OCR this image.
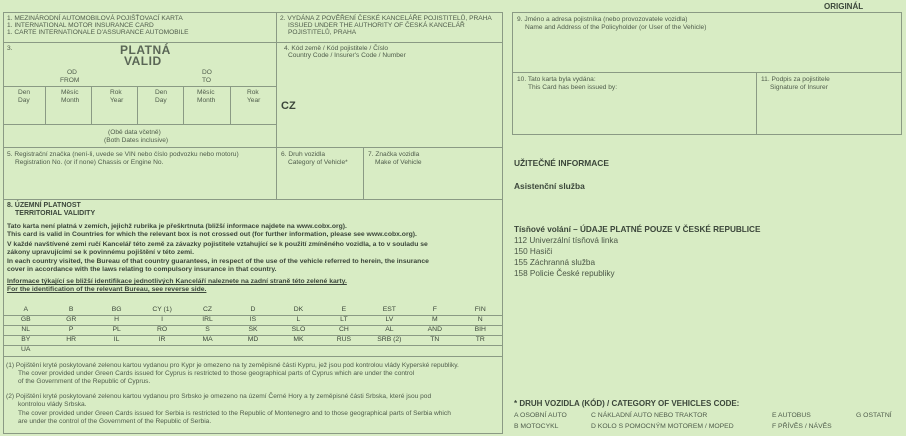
ORIGINÁL
1. MEZINÁRODNÍ AUTOMOBILOVÁ POJIŠŤOVACÍ KARTA
1. INTERNATIONAL MOTOR INSURANCE CARD
1. CARTE INTERNATIONALE D'ASSURANCE AUTOMOBILE
2. VYDÁNA Z POVĚŘENÍ ČESKÉ KANCELÁŘE POJISTITELŮ, PRAHA
ISSUED UNDER THE AUTHORITY OF ČESKÁ KANCELÁŘ
POJISTITELŮ, PRAHA
3.	PLATNÁ
VALID
OD
FROM
DO
TO
Den
Day
Měsíc
Month
Rok
Year
Den
Day
Měsíc
Month
Rok
Year
(Obě data včetně)
(Both Dates inclusive)
4. Kód země / Kód pojistitele / Číslo
Country Code / Insurer's Code / Number
CZ
5. Registrační značka (není-li, uvede se VIN nebo číslo podvozku nebo motoru)
Registration No. (or if none) Chassis or Engine No.
6. Druh vozidla
Category of Vehicle*
7. Značka vozidla
Make of Vehicle
8. ÚZEMNÍ PLATNOST
TERRITORIAL VALIDITY
Tato karta není platná v zemích, jejichž rubrika je přeškrtnuta (bližší informace najdete na www.cobx.org).
This card is valid in Countries for which the relevant box is not crossed out (for further information, please see www.cobx.org).
V každé navštívené zemi ručí Kancelář této země za závazky pojistitele vztahující se k použití zmíněného vozidla, a to v souladu se
zákony upravujícími se k povinnému pojištění v této zemi.
In each country visited, the Bureau of that country guarantees, in respect of the use of the vehicle referred to herein, the insurance
cover in accordance with the laws relating to compulsory insurance in that country.
Informace týkající se bližší identifikace jednotlivých Kanceláří naleznete na zadní straně této zelené karty.
For the identification of the relevant Bureau, see reverse side.
A	B	BG	CY (1)	CZ	D	DK	E	EST	F	FIN
GB	GR	H	I	IRL	IS	L	LT	LV	M	N
NL	P	PL	RO	S	SK	SLO	CH	AL	AND	BIH
BY	HR	IL	IR	MA	MD	MK	RUS	SRB (2)	TN	TR
UA
(1) Pojištění kryté poskytované zelenou kartou vydanou pro Kypr je omezeno na ty zeměpisné části Kypru, jež jsou pod kontrolou vlády Kyperské republiky.
The cover provided under Green Cards issued for Cyprus is restricted to those geographical parts of Cyprus which are under the control
of the Government of the Republic of Cyprus.
(2) Pojištění kryté poskytované zelenou kartou vydanou pro Srbsko je omezeno na území Černé Hory a ty zeměpisné části Srbska, které jsou pod
kontrolou vlády Srbska.
The cover provided under Green Cards issued for Serbia is restricted to the Republic of Montenegro and to those geographical parts of Serbia which
are under the control of the Government of the Republic of Serbia.
9. Jméno a adresa pojistníka (nebo provozovatele vozidla)
Name and Address of the Policyholder (or User of the Vehicle)
10. Tato karta byla vydána:
This Card has been issued by:
11. Podpis za pojistitele
Signature of Insurer
UŽITEČNÉ INFORMACE
Asistenční služba
Tísňové volání – ÚDAJE PLATNÉ POUZE V ČESKÉ REPUBLICE
112 Univerzální tísňová linka
150 Hasiči
155 Záchranná služba
158 Policie České republiky
* DRUH VOZIDLA (KÓD) / CATEGORY OF VEHICLES CODE:
A OSOBNÍ AUTO	C NÁKLADNÍ AUTO NEBO TRAKTOR	E AUTOBUS	G OSTATNÍ
B MOTOCYKL	D KOLO S POMOCNÝM MOTOREM / MOPED	F PŘÍVĚS / NÁVĚS
